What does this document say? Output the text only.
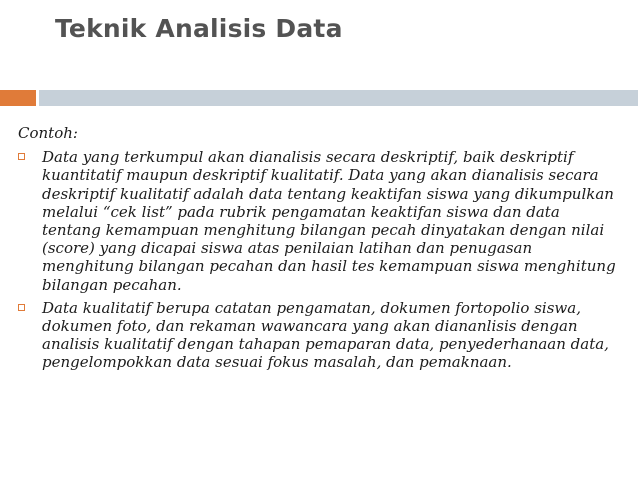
Teknik Analisis Data

Contoh:

Data yang terkumpul akan dianalisis secara deskriptif, baik deskriptif kuantitatif maupun deskriptif kualitatif. Data yang akan dianalisis secara deskriptif kualitatif adalah data tentang keaktifan siswa yang dikumpulkan melalui “cek list” pada rubrik pengamatan keaktifan siswa dan data tentang kemampuan menghitung bilangan pecah dinyatakan dengan nilai (score) yang dicapai siswa atas penilaian latihan dan penugasan menghitung bilangan pecahan dan hasil tes kemampuan siswa menghitung bilangan pecahan.
Data kualitatif berupa catatan pengamatan, dokumen fortopolio siswa, dokumen foto, dan rekaman wawancara yang akan diananlisis dengan analisis kualitatif dengan tahapan pemaparan data, penyederhanaan data, pengelompokkan data sesuai fokus masalah, dan pemaknaan.
